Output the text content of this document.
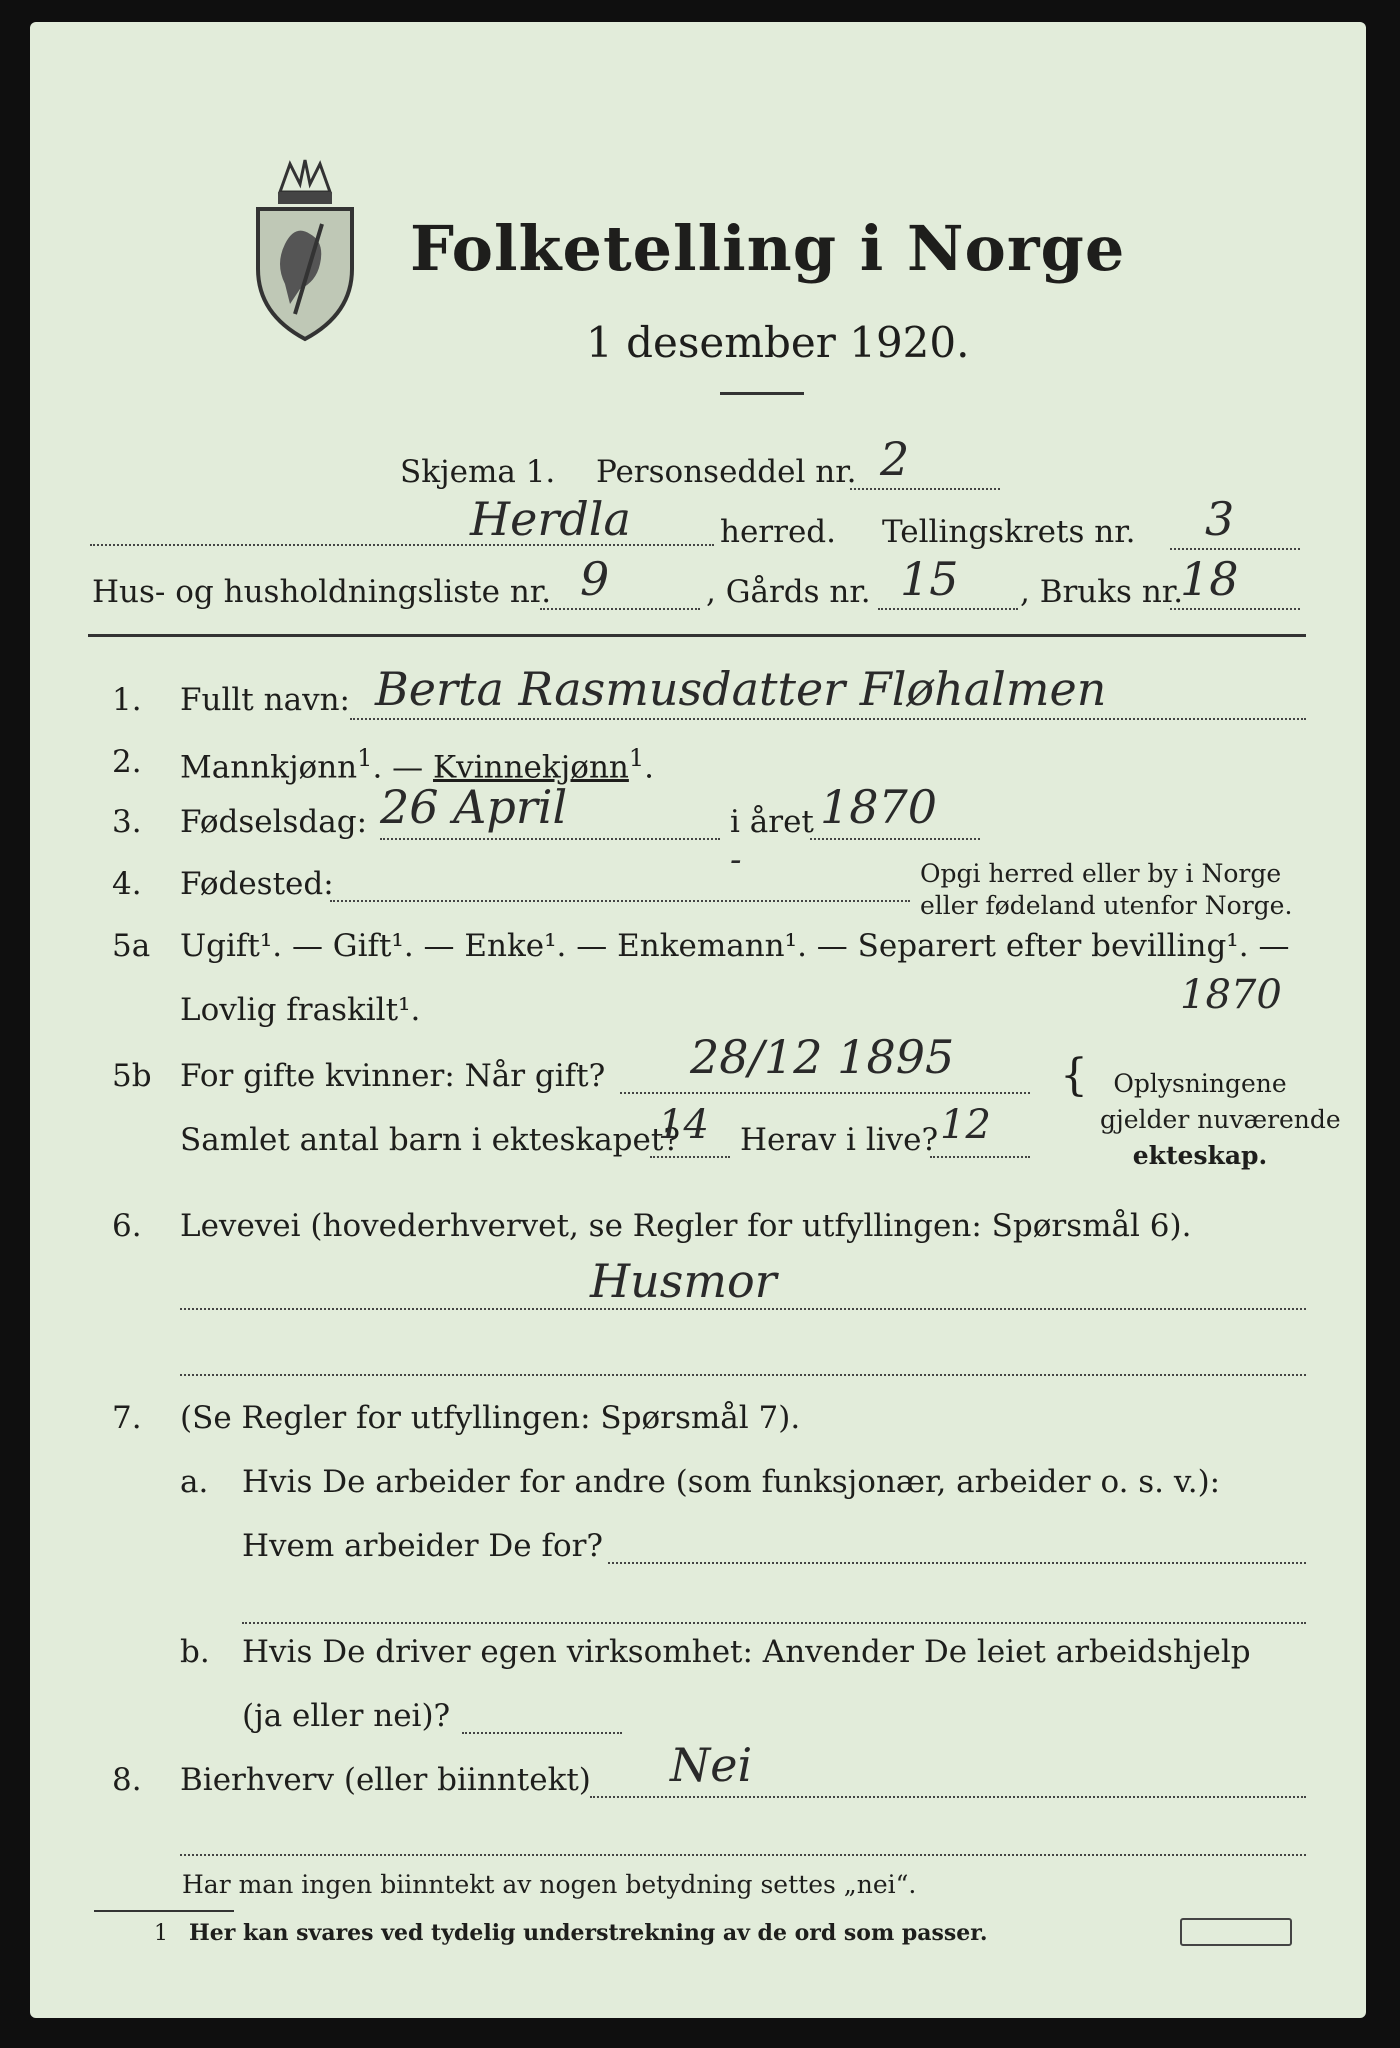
Folketelling i Norge
1 desember 1920.
Skjema 1. Personseddel nr. 2
Herdla	herred. Tellingskrets nr. 3
Hus- og husholdningsliste nr. 9	, Gårds nr. 15 , Bruks nr.
18
1. Fullt navn: Berta Rasmusdatter Fløhalmen
2. Mannkjønn$^1$. — Kvinnekjønn$^1$.
3. Fødselsdag: 26 April	i året 1870
4. Fødested:
-	Opgi herred eller by i Norge
eller fødeland utenfor Norge.
5a Ugift¹. — Gift¹. — Enke¹. — Enkemann¹. — Separert efter bevilling¹. —
Lovlig fraskilt¹.	1870
5b For gifte kvinner: Når gift? 28/12 1895
Samlet antal barn i ekteskapet?
14 Herav i live? 12
{	Oplysningene
gjelder nuværende
ekteskap.
6. Levevei (hovederhvervet, se Regler for utfyllingen: Spørsmål 6).
Husmor
7. (Se Regler for utfyllingen: Spørsmål 7).
a. Hvis De arbeider for andre (som funksjonær, arbeider o. s. v.):
Hvem arbeider De for?
b. Hvis De driver egen virksomhet: Anvender De leiet arbeidshjelp
(ja eller nei)?
8. Bierhverv (eller biinntekt) Nei
Har man ingen biinntekt av nogen betydning settes „nei“.
1 Her kan svares ved tydelig understrekning av de ord som passer.
